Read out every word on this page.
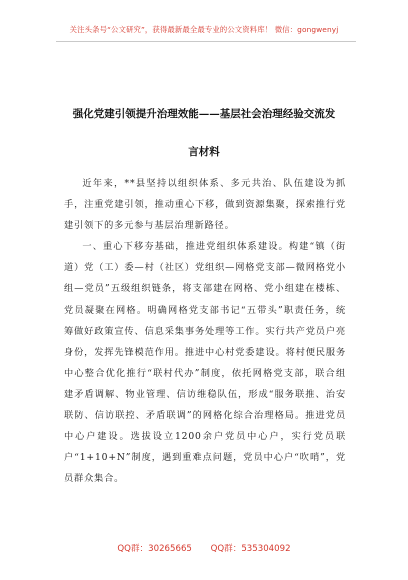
关注头条号“公文研究”，获得最新最全最专业的公文资料库！ 微信：gongwenyj
强化党建引领提升治理效能——基层社会治理经验交流发
言材料

近年来，**县坚持以组织体系、多元共治、队伍建设为抓手，注重党建引领，推动重心下移，做到资源集聚，探索推行党建引领下的多元参与基层治理新路径。

一、重心下移夯基础，推进党组织体系建设。构建“镇（街道）党（工）委—村（社区）党组织—网格党支部—微网格党小组—党员”五级组织链条，将支部建在网格、党小组建在楼栋、党员凝聚在网格。明确网格党支部书记“五带头”职责任务，统筹做好政策宣传、信息采集事务处理等工作。实行共产党员户亮身份，发挥先锋模范作用。推进中心村党委建设。将村便民服务中心整合优化推行“联村代办”制度，依托网格党支部，联合组建矛盾调解、物业管理、信访维稳队伍，形成“服务联推、治安联防、信访联控、矛盾联调”的网格化综合治理格局。推进党员中心户建设。选拔设立1200余户党员中心户，实行党员联户“1+10+N”制度，遇到重难点问题，党员中心户“吹哨”，党员群众集合。

QQ群：30265665 QQ群：535304092
